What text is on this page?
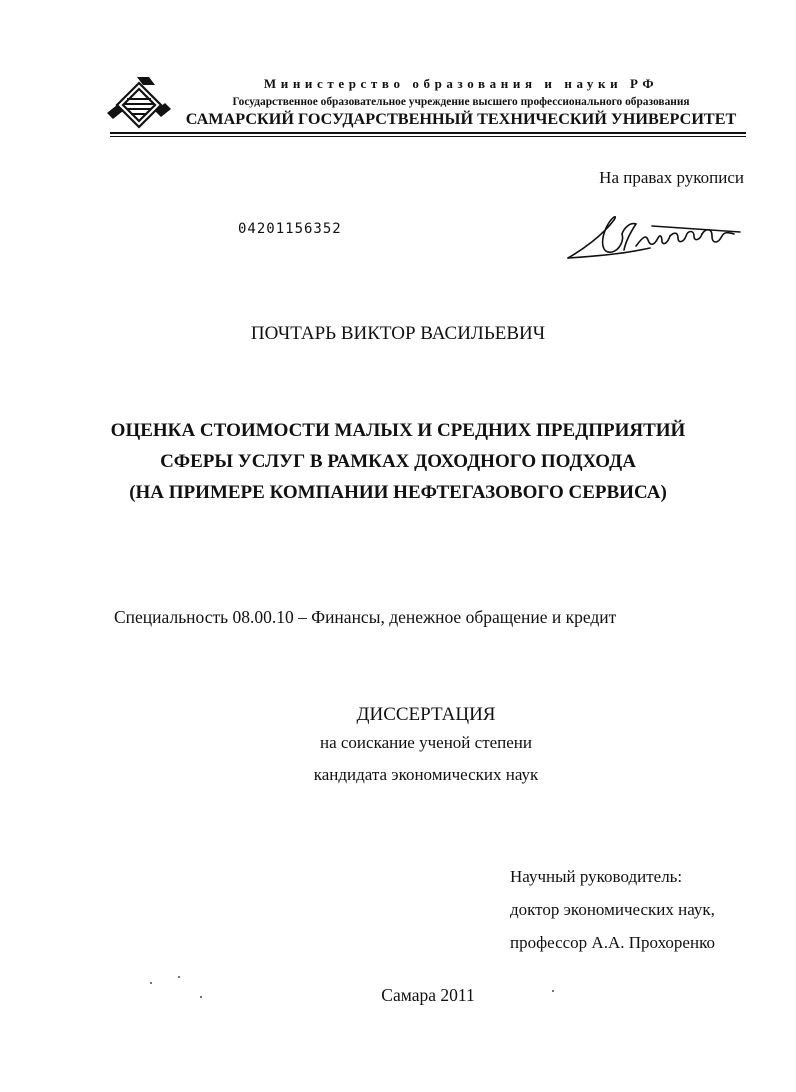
Министерство образования и науки РФ
Государственное образовательное учреждение высшего профессионального образования
САМАРСКИЙ ГОСУДАРСТВЕННЫЙ ТЕХНИЧЕСКИЙ УНИВЕРСИТЕТ
На правах рукописи
04201156352
ПОЧТАРЬ ВИКТОР ВАСИЛЬЕВИЧ
ОЦЕНКА СТОИМОСТИ МАЛЫХ И СРЕДНИХ ПРЕДПРИЯТИЙ
СФЕРЫ УСЛУГ В РАМКАХ ДОХОДНОГО ПОДХОДА
(НА ПРИМЕРЕ КОМПАНИИ НЕФТЕГАЗОВОГО СЕРВИСА)
Специальность 08.00.10 – Финансы, денежное обращение и кредит
ДИССЕРТАЦИЯ
на соискание ученой степени
кандидата экономических наук
Научный руководитель:
доктор экономических наук,
профессор А.А. Прохоренко
Самара 2011
